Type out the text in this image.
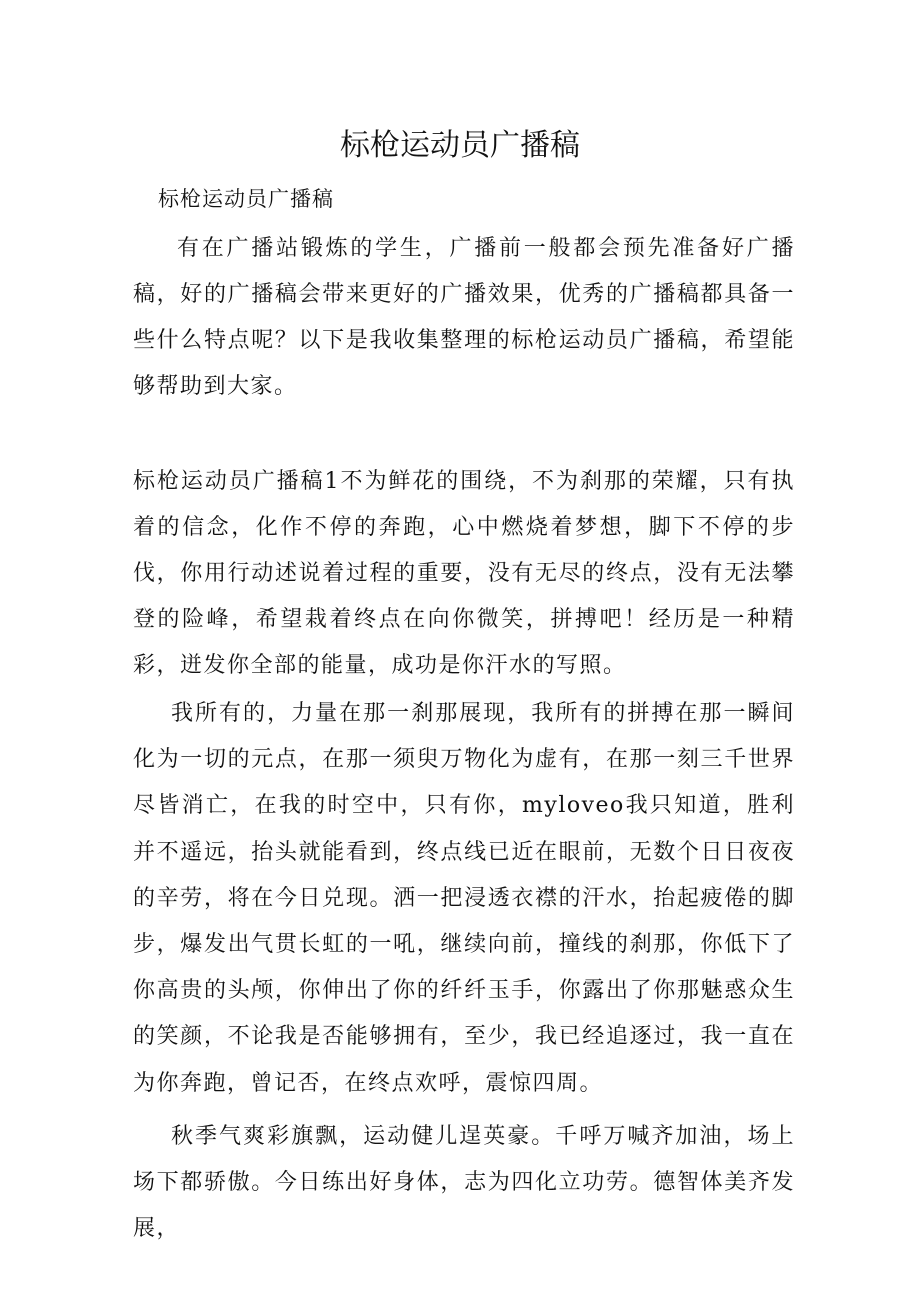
标枪运动员广播稿

标枪运动员广播稿

有在广播站锻炼的学生，广播前一般都会预先准备好广播稿，好的广播稿会带来更好的广播效果，优秀的广播稿都具备一些什么特点呢？以下是我收集整理的标枪运动员广播稿，希望能够帮助到大家。

标枪运动员广播稿1不为鲜花的围绕，不为刹那的荣耀，只有执着的信念，化作不停的奔跑，心中燃烧着梦想，脚下不停的步伐，你用行动述说着过程的重要，没有无尽的终点，没有无法攀登的险峰，希望栽着终点在向你微笑，拼搏吧！经历是一种精彩，迸发你全部的能量，成功是你汗水的写照。

我所有的，力量在那一刹那展现，我所有的拼搏在那一瞬间化为一切的元点，在那一须臾万物化为虚有，在那一刻三千世界尽皆消亡，在我的时空中，只有你，myloveo我只知道，胜利并不遥远，抬头就能看到，终点线已近在眼前，无数个日日夜夜的辛劳，将在今日兑现。洒一把浸透衣襟的汗水，抬起疲倦的脚步，爆发出气贯长虹的一吼，继续向前，撞线的刹那，你低下了你高贵的头颅，你伸出了你的纤纤玉手，你露出了你那魅惑众生的笑颜，不论我是否能够拥有，至少，我已经追逐过，我一直在为你奔跑，曾记否，在终点欢呼，震惊四周。

秋季气爽彩旗飘，运动健儿逞英豪。千呼万喊齐加油，场上场下都骄傲。今日练出好身体，志为四化立功劳。德智体美齐发展，
